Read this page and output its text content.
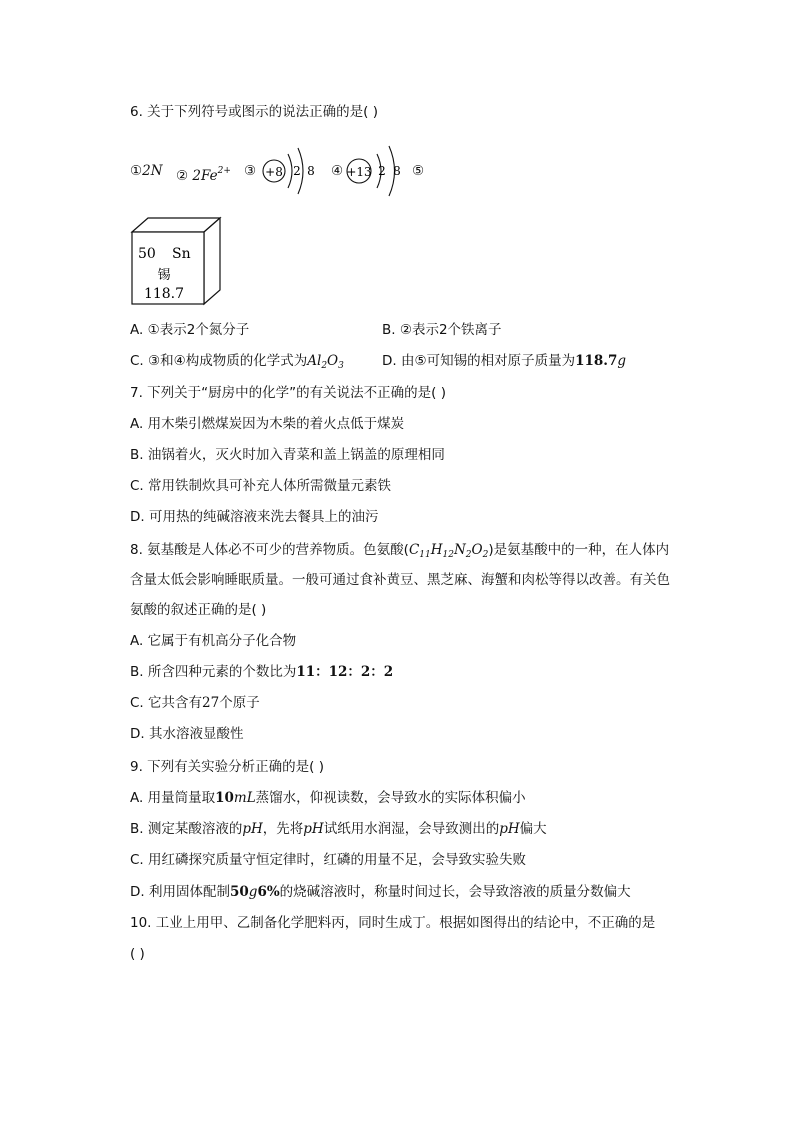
6. 关于下列符号或图示的说法正确的是( )
①2N ② $2Fe^{2+}$ ③	④	⑤
+8 2 8	+13 2 8
50 Sn
锡
118.7
A. ①表示2个氮分子	B. ②表示2个铁离子
C. ③和④构成物质的化学式为$Al_2O_3$	D. 由⑤可知锡的相对原子质量为118.7g
7. 下列关于“厨房中的化学”的有关说法不正确的是( )
A. 用木柴引燃煤炭因为木柴的着火点低于煤炭
B. 油锅着火，灭火时加入青菜和盖上锅盖的原理相同
C. 常用铁制炊具可补充人体所需微量元素铁
D. 可用热的纯碱溶液来洗去餐具上的油污
8. 氨基酸是人体必不可少的营养物质。色氨酸$(C_{11}H_{12}N_2O_2)$是氨基酸中的一种，在人体内
含量太低会影响睡眠质量。一般可通过食补黄豆、黑芝麻、海蟹和肉松等得以改善。有关色
氨酸的叙述正确的是( )
A. 它属于有机高分子化合物
B. 所含四种元素的个数比为11：12：2：2
C. 它共含有27个原子
D. 其水溶液显酸性
9. 下列有关实验分析正确的是( )
A. 用量筒量取10mL蒸馏水，仰视读数，会导致水的实际体积偏小
B. 测定某酸溶液的pH，先将pH试纸用水润湿，会导致测出的pH偏大
C. 用红磷探究质量守恒定律时，红磷的用量不足，会导致实验失败
D. 利用固体配制50g6%的烧碱溶液时，称量时间过长，会导致溶液的质量分数偏大
10. 工业上用甲、乙制备化学肥料丙，同时生成丁。根据如图得出的结论中，不正确的是
( )
